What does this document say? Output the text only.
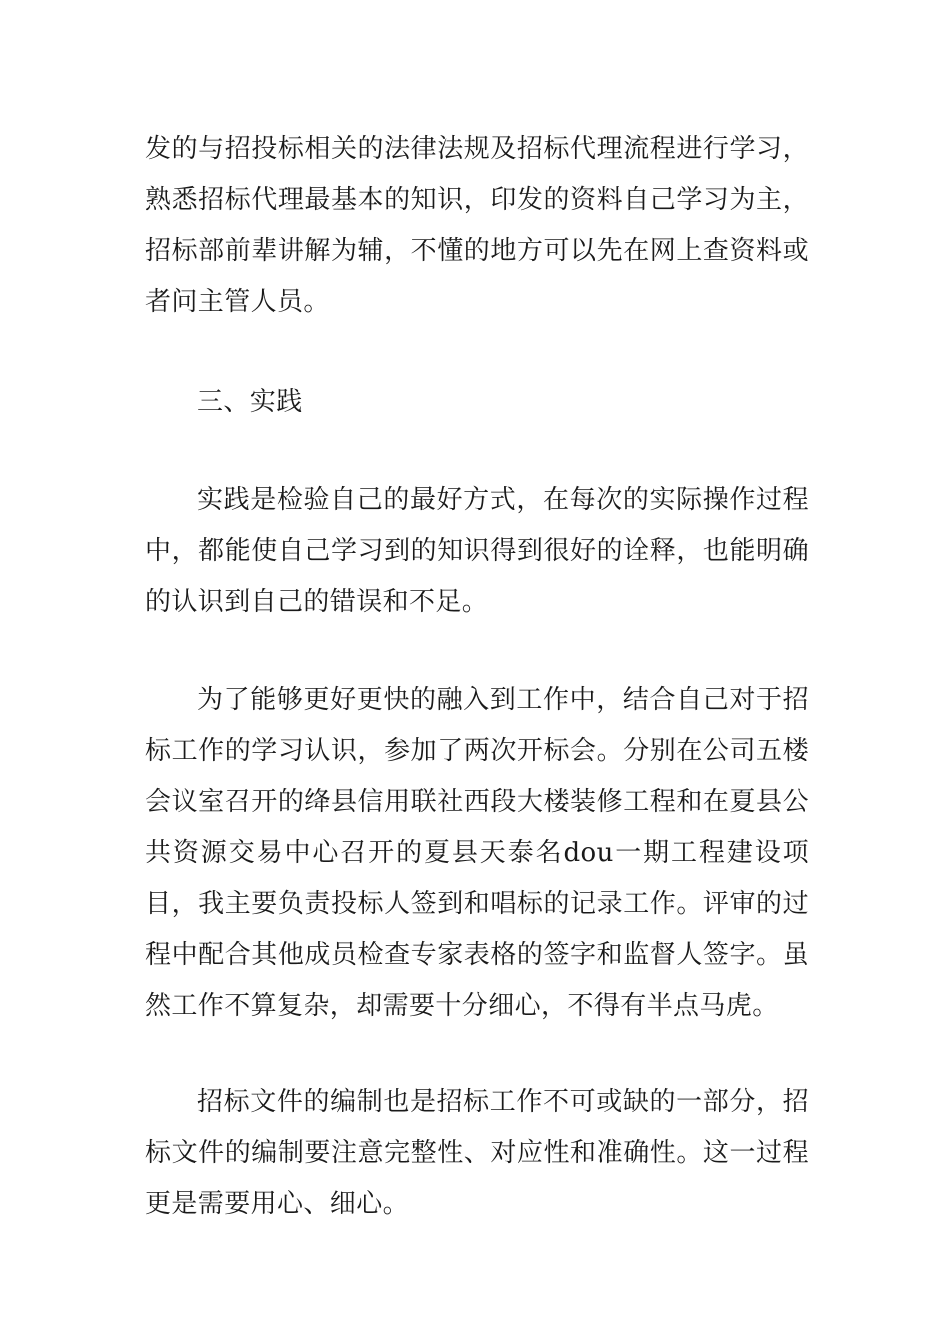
发的与招投标相关的法律法规及招标代理流程进行学习，熟悉招标代理最基本的知识，印发的资料自己学习为主，招标部前辈讲解为辅，不懂的地方可以先在网上查资料或者问主管人员。

三、实践

实践是检验自己的最好方式，在每次的实际操作过程中，都能使自己学习到的知识得到很好的诠释，也能明确的认识到自己的错误和不足。

为了能够更好更快的融入到工作中，结合自己对于招标工作的学习认识，参加了两次开标会。分别在公司五楼会议室召开的绛县信用联社西段大楼装修工程和在夏县公共资源交易中心召开的夏县天泰名dou一期工程建设项目，我主要负责投标人签到和唱标的记录工作。评审的过程中配合其他成员检查专家表格的签字和监督人签字。虽然工作不算复杂，却需要十分细心，不得有半点马虎。

招标文件的编制也是招标工作不可或缺的一部分，招标文件的编制要注意完整性、对应性和准确性。这一过程更是需要用心、细心。
